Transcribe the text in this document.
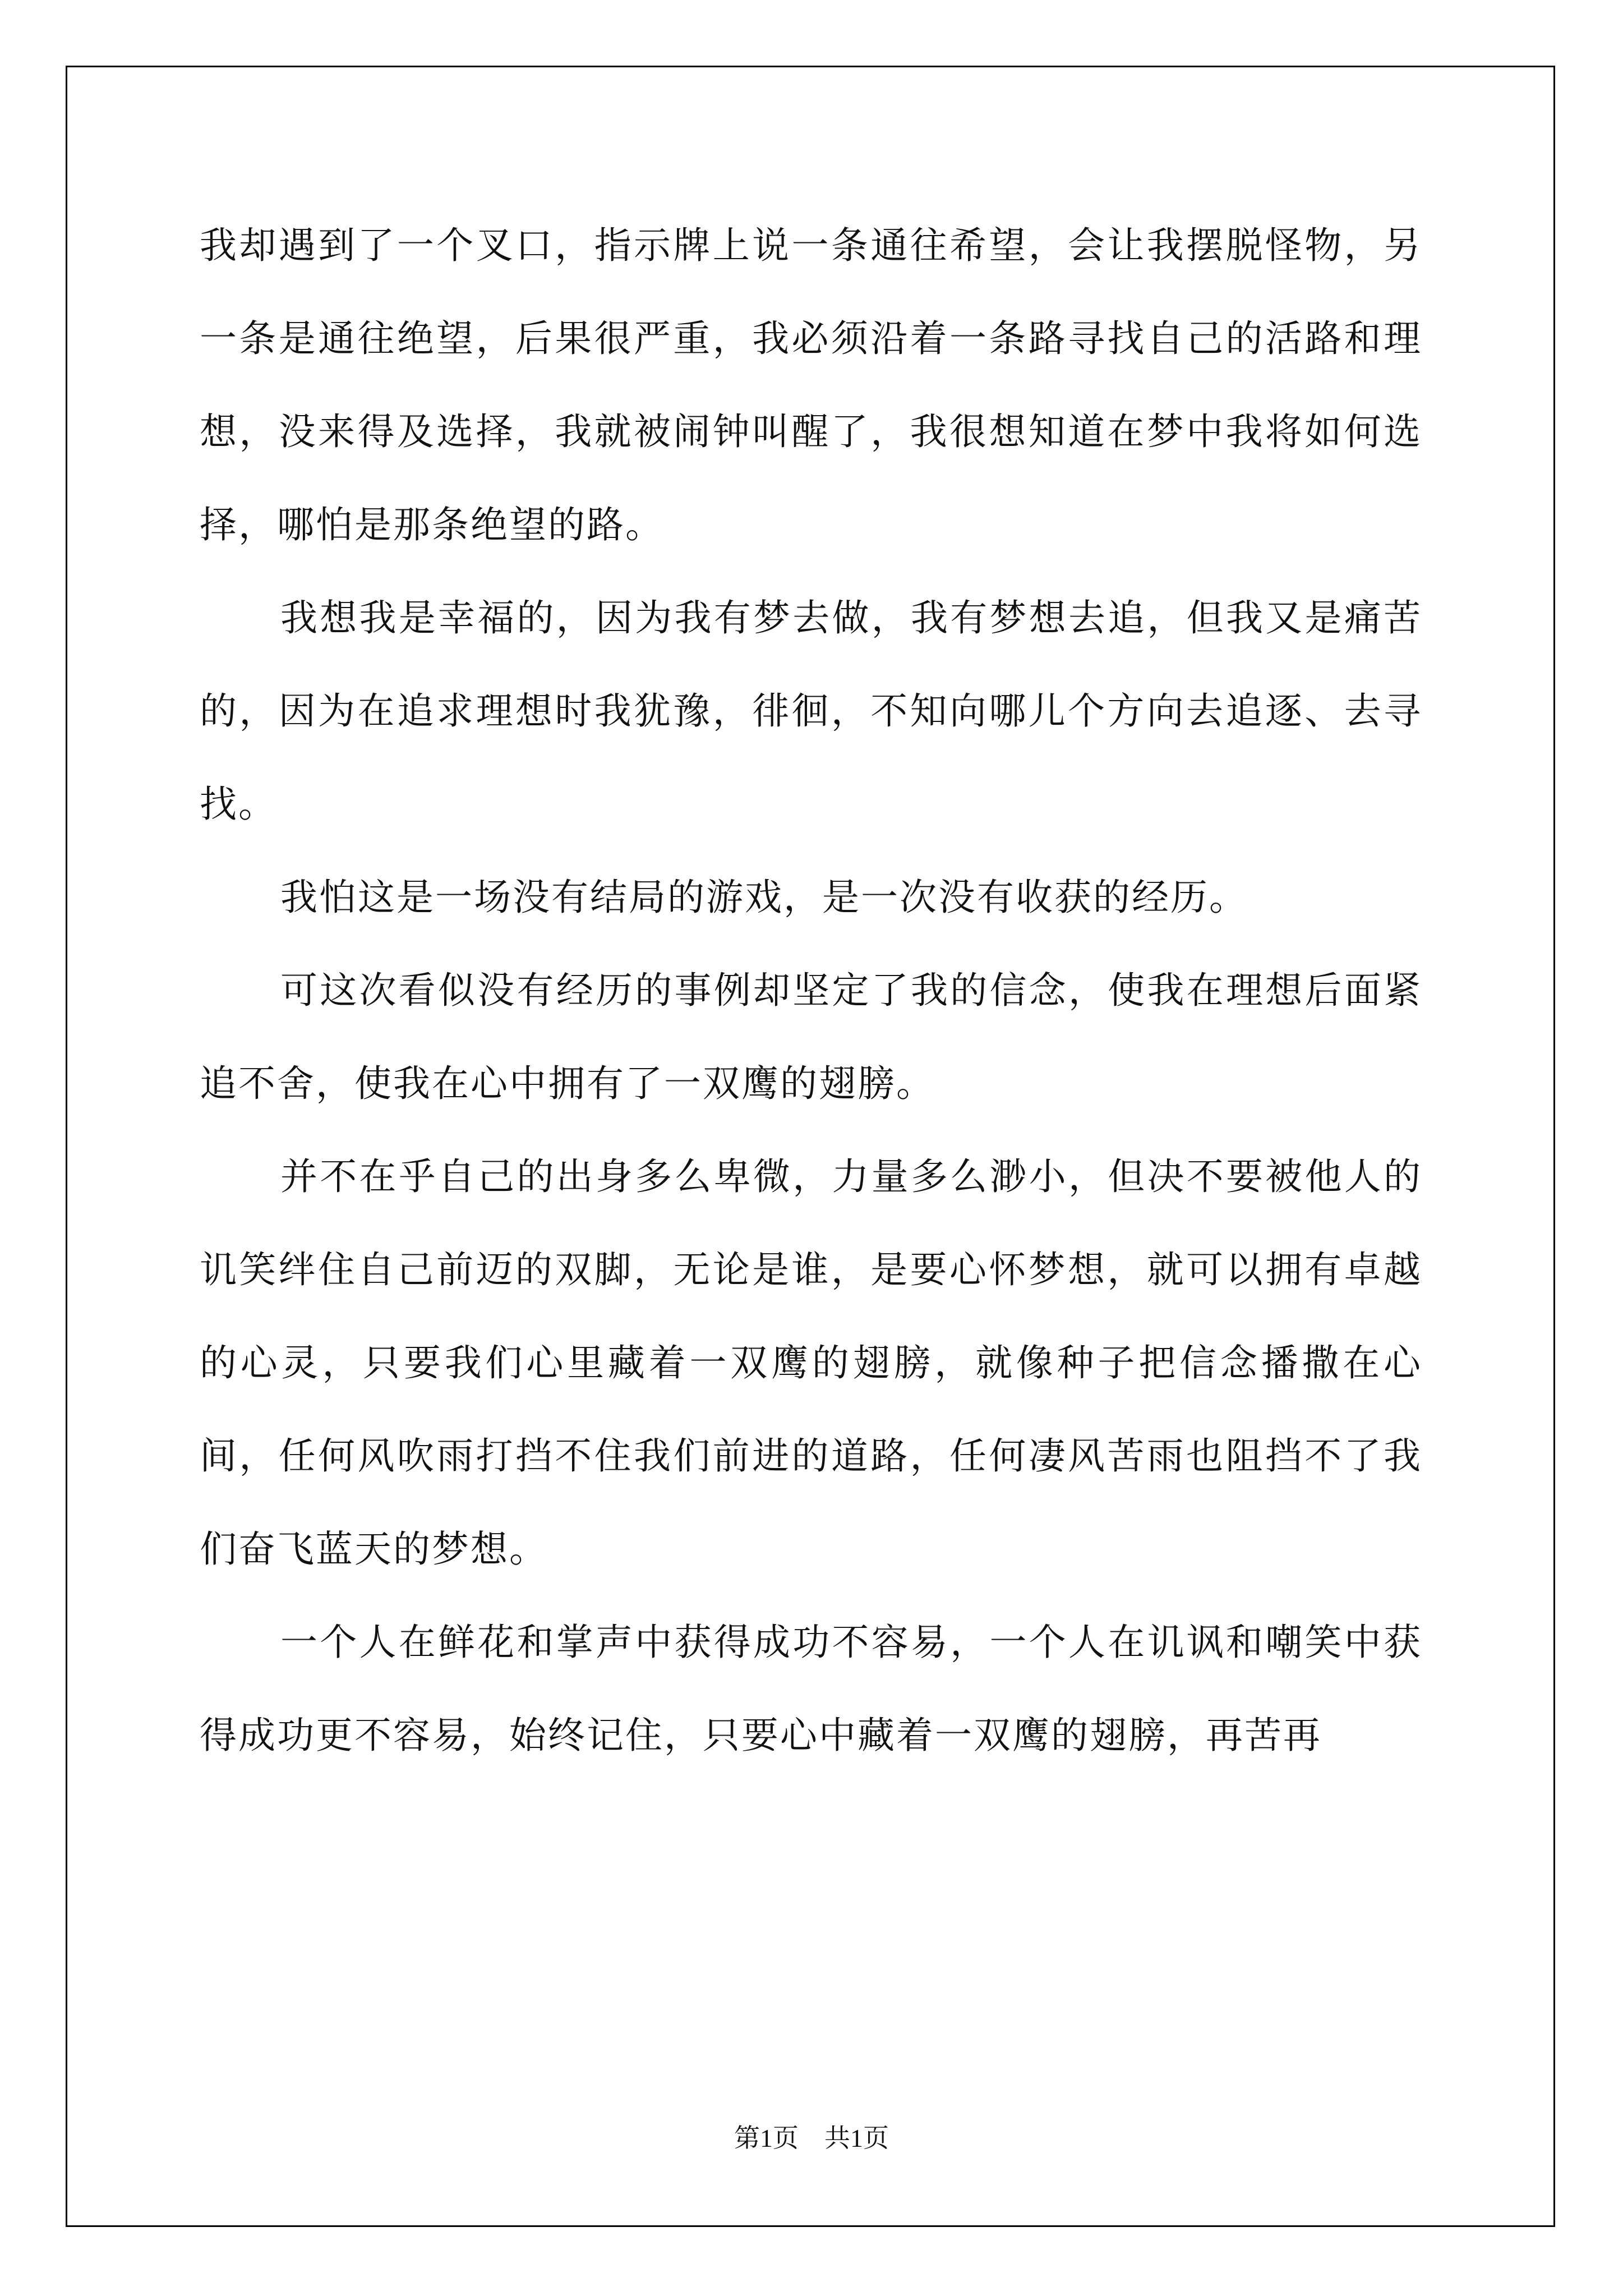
我却遇到了一个叉口，指示牌上说一条通往希望，会让我摆脱怪物，另一条是通往绝望，后果很严重，我必须沿着一条路寻找自己的活路和理想，没来得及选择，我就被闹钟叫醒了，我很想知道在梦中我将如何选择，哪怕是那条绝望的路。

我想我是幸福的，因为我有梦去做，我有梦想去追，但我又是痛苦的，因为在追求理想时我犹豫，徘徊，不知向哪儿个方向去追逐、去寻找。

我怕这是一场没有结局的游戏，是一次没有收获的经历。

可这次看似没有经历的事例却坚定了我的信念，使我在理想后面紧追不舍，使我在心中拥有了一双鹰的翅膀。

并不在乎自己的出身多么卑微，力量多么渺小，但决不要被他人的讥笑绊住自己前迈的双脚，无论是谁，是要心怀梦想，就可以拥有卓越的心灵，只要我们心里藏着一双鹰的翅膀，就像种子把信念播撒在心间，任何风吹雨打挡不住我们前进的道路，任何凄风苦雨也阻挡不了我们奋飞蓝天的梦想。

一个人在鲜花和掌声中获得成功不容易，一个人在讥讽和嘲笑中获得成功更不容易，始终记住，只要心中藏着一双鹰的翅膀，再苦再

第1页 共1页
